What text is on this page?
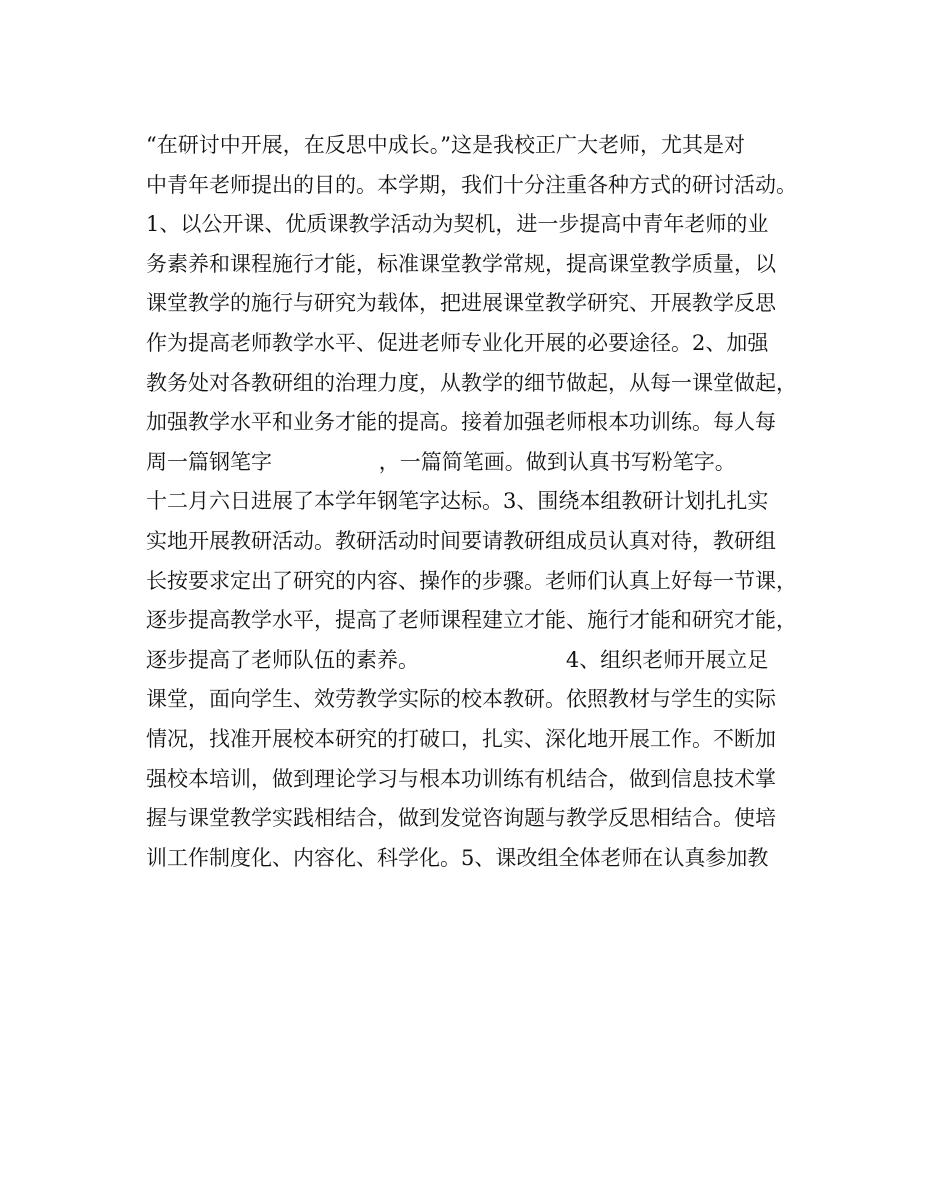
“在研讨中开展，在反思中成长。”这是我校正广大老师，尤其是对
中青年老师提出的目的。本学期，我们十分注重各种方式的研讨活动。
1、以公开课、优质课教学活动为契机，进一步提高中青年老师的业
务素养和课程施行才能，标准课堂教学常规，提高课堂教学质量，以
课堂教学的施行与研究为载体，把进展课堂教学研究、开展教学反思
作为提高老师教学水平、促进老师专业化开展的必要途径。2、加强
教务处对各教研组的治理力度，从教学的细节做起，从每一课堂做起，
加强教学水平和业务才能的提高。接着加强老师根本功训练。每人每
周一篇钢笔字                ，一篇简笔画。做到认真书写粉笔字。
十二月六日进展了本学年钢笔字达标。3、围绕本组教研计划扎扎实
实地开展教研活动。教研活动时间要请教研组成员认真对待，教研组
长按要求定出了研究的内容、操作的步骤。老师们认真上好每一节课，
逐步提高教学水平，提高了老师课程建立才能、施行才能和研究才能，
逐步提高了老师队伍的素养。                      4、组织老师开展立足
课堂，面向学生、效劳教学实际的校本教研。依照教材与学生的实际
情况，找准开展校本研究的打破口，扎实、深化地开展工作。不断加
强校本培训，做到理论学习与根本功训练有机结合，做到信息技术掌
握与课堂教学实践相结合，做到发觉咨询题与教学反思相结合。使培
训工作制度化、内容化、科学化。5、课改组全体老师在认真参加教
